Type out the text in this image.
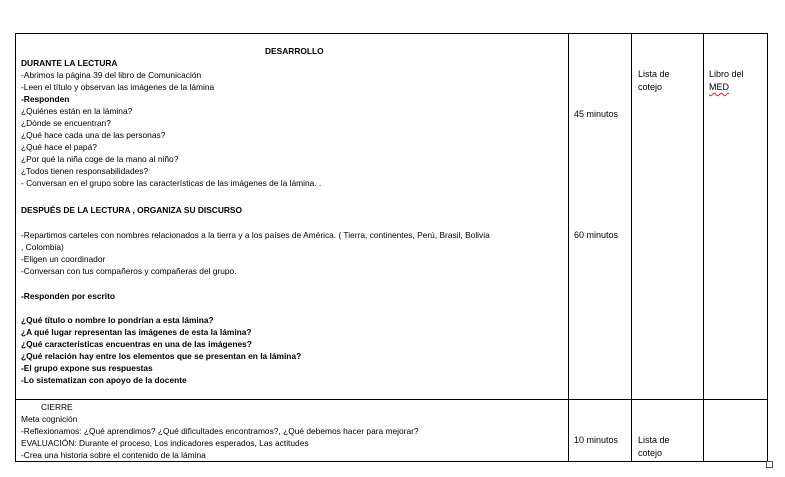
DESARROLLO
DESPUÉS DE LA LECTURA , ORGANIZA SU DISCURSO
-Responden por escrito
45 minutos
60 minutos
Lista de
cotejo
Libro del
MED
CIERRE
10 minutos Lista de
cotejo
DURANTE LA LECTURA
-Abrimos la página 39 del libro de Comunicación
-Leen el título y observan las imágenes de la lámina
-Responden
¿Quiénes están en la lámina?
¿Dónde se encuentran?
¿Qué hace cada una de las personas?
¿Qué hace el papá?
¿Por qué la niña coge de la mano al niño?
¿Todos tienen responsabilidades?
- Conversan en el grupo sobre las características de las imágenes de la lámina. .
-Repartimos carteles con nombres relacionados a la tierra y a los países de América. ( Tierra, continentes, Perú, Brasil, Bolivia
, Colombia)
-Eligen un coordinador
-Conversan con tus compañeros y compañeras del grupo.
¿Qué título o nombre lo pondrían a esta lámina?
¿A qué lugar representan las imágenes de esta la lámina?
¿Qué características encuentras en una de las imágenes?
¿Qué relación hay entre los elementos que se presentan en la lámina?
-El grupo expone sus respuestas
-Lo sistematizan con apoyo de la docente
Meta cognición
-Reflexionamos: ¿Qué aprendimos? ¿Qué dificultades encontramos?, ¿Qué debemos hacer para mejorar?
EVALUACIÓN: Durante el proceso, Los indicadores esperados, Las actitudes
-Crea una historia sobre el contenido de la lámina
